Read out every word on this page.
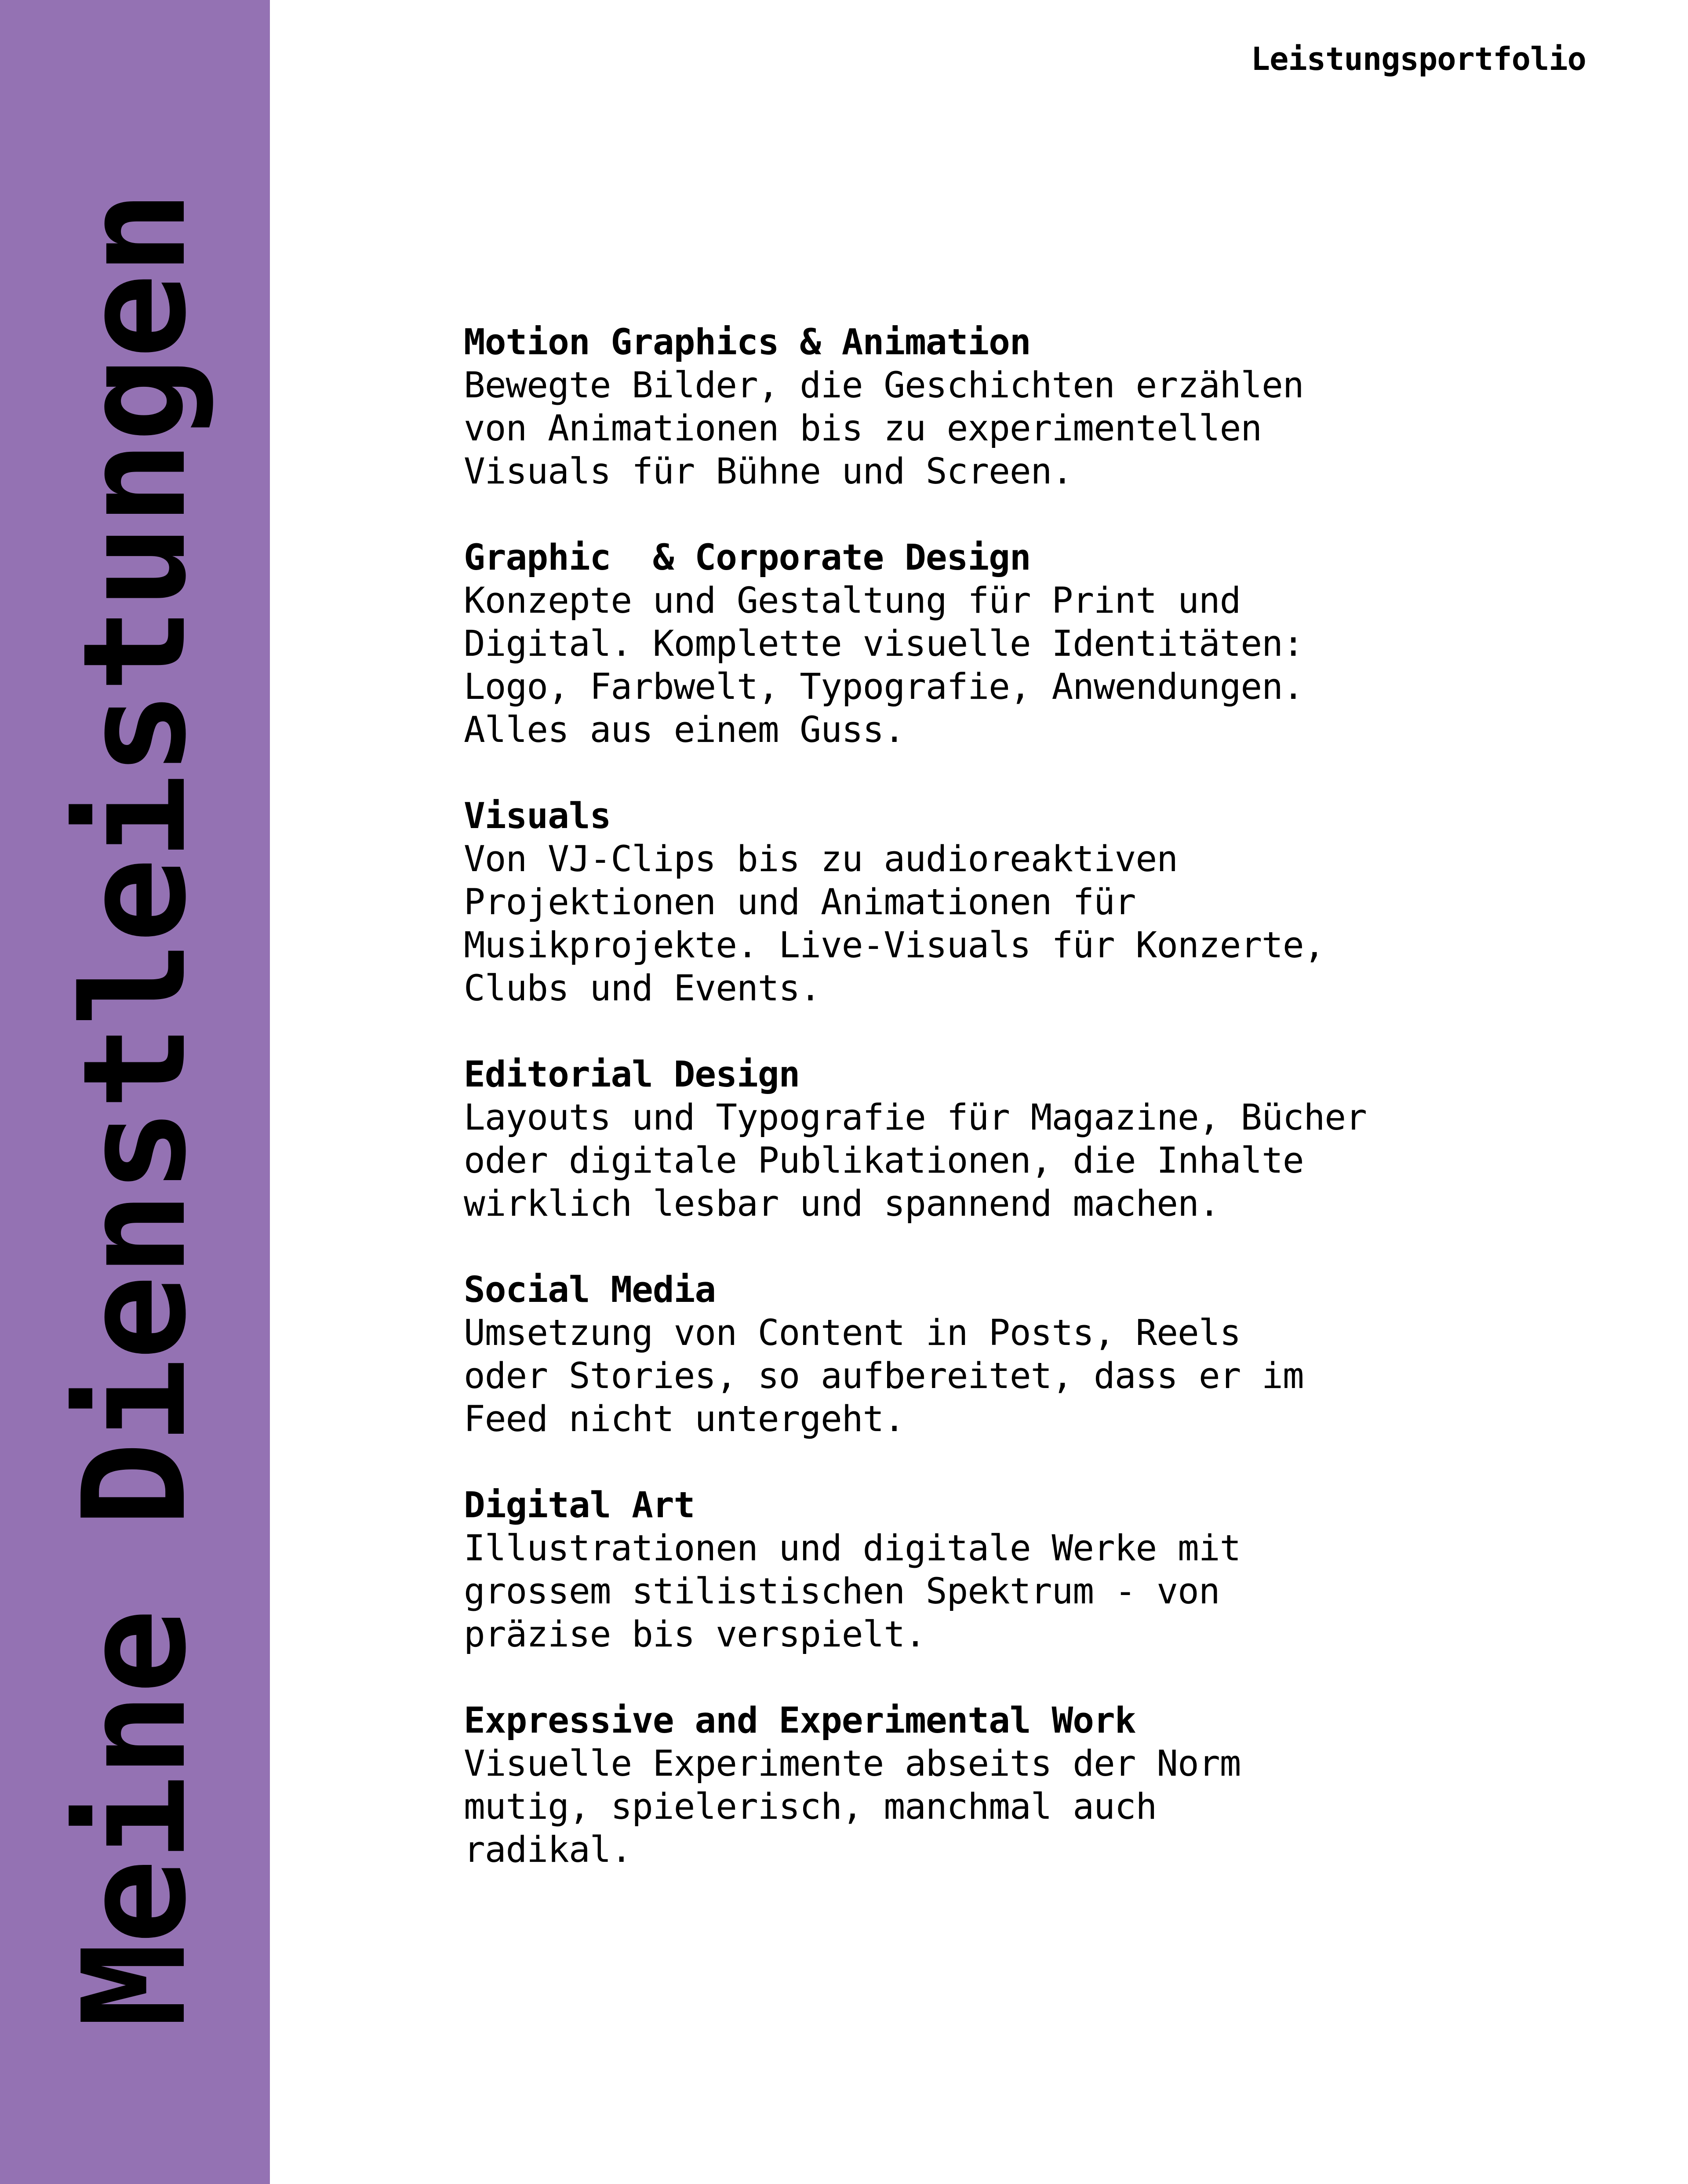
Meine Dienstleistungen
Leistungsportfolio
Motion Graphics & Animation
Bewegte Bilder, die Geschichten erzählen
von Animationen bis zu experimentellen
Visuals für Bühne und Screen.
Graphic  & Corporate Design
Konzepte und Gestaltung für Print und
Digital. Komplette visuelle Identitäten:
Logo, Farbwelt, Typografie, Anwendungen.
Alles aus einem Guss.
Visuals
Von VJ-Clips bis zu audioreaktiven
Projektionen und Animationen für
Musikprojekte. Live-Visuals für Konzerte,
Clubs und Events.
Editorial Design
Layouts und Typografie für Magazine, Bücher
oder digitale Publikationen, die Inhalte
wirklich lesbar und spannend machen.
Social Media
Umsetzung von Content in Posts, Reels
oder Stories, so aufbereitet, dass er im
Feed nicht untergeht.
Digital Art
Illustrationen und digitale Werke mit
grossem stilistischen Spektrum - von
präzise bis verspielt.
Expressive and Experimental Work
Visuelle Experimente abseits der Norm
mutig, spielerisch, manchmal auch
radikal.
